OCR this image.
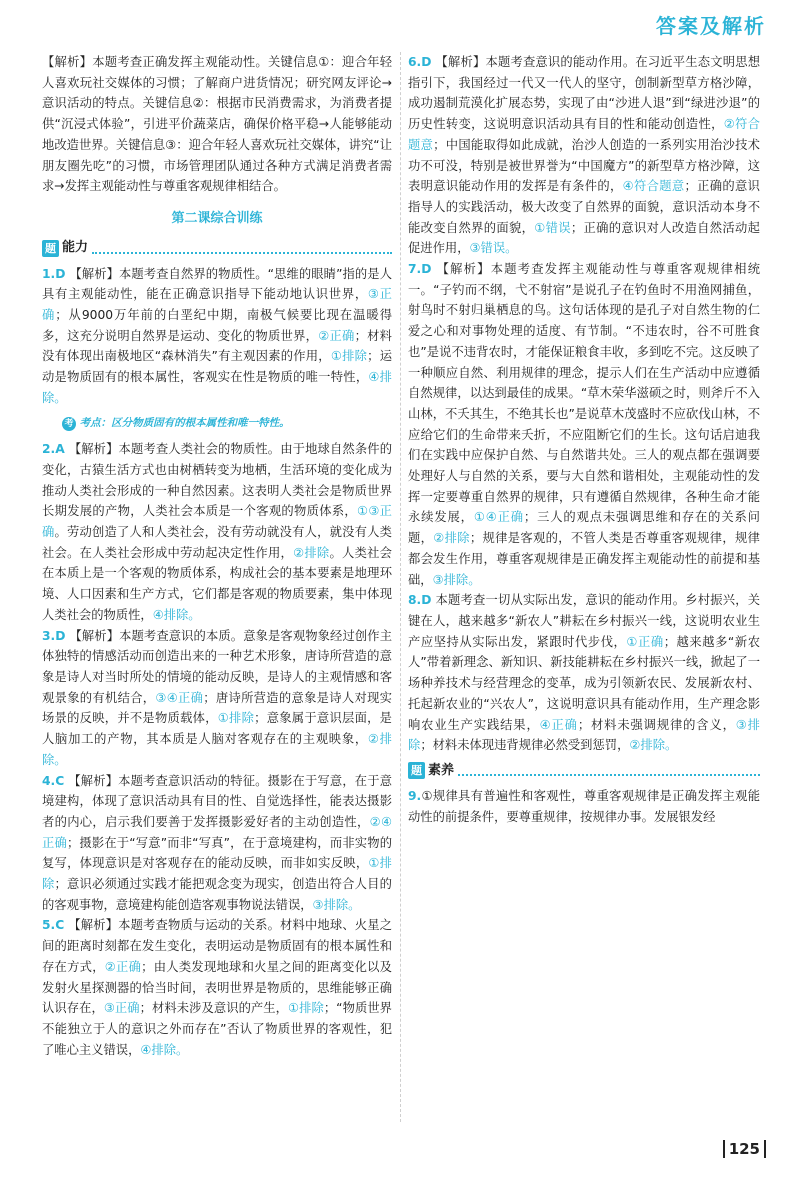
答案及解析

【解析】本题考查正确发挥主观能动性。关键信息①：迎合年轻人喜欢玩社交媒体的习惯；了解商户进货情况；研究网友评论→意识活动的特点。关键信息②：根据市民消费需求，为消费者提供“沉浸式体验”，引进平价蔬菜店，确保价格平稳→人能够能动地改造世界。关键信息③：迎合年轻人喜欢玩社交媒体，讲究“让朋友圈先吃”的习惯，市场管理团队通过各种方式满足消费者需求→发挥主观能动性与尊重客观规律相结合。

第二课综合训练
题 能力

1.D 【解析】本题考查自然界的物质性。“思维的眼睛”指的是人具有主观能动性，能在正确意识指导下能动地认识世界，③正确；从9000万年前的白垩纪中期，南极气候要比现在温暖得多，这充分说明自然界是运动、变化的物质世界，②正确；材料没有体现出南极地区“森林消失”有主观因素的作用，①排除；运动是物质固有的根本属性，客观实在性是物质的唯一特性，④排除。

考 考点：区分物质固有的根本属性和唯一特性。

2.A 【解析】本题考查人类社会的物质性。由于地球自然条件的变化，古猿生活方式也由树栖转变为地栖，生活环境的变化成为推动人类社会形成的一种自然因素。这表明人类社会是物质世界长期发展的产物，人类社会本质是一个客观的物质体系，①③正确。劳动创造了人和人类社会，没有劳动就没有人，就没有人类社会。在人类社会形成中劳动起决定性作用，②排除。人类社会在本质上是一个客观的物质体系，构成社会的基本要素是地理环境、人口因素和生产方式，它们都是客观的物质要素，集中体现人类社会的物质性，④排除。

3.D 【解析】本题考查意识的本质。意象是客观物象经过创作主体独特的情感活动而创造出来的一种艺术形象，唐诗所营造的意象是诗人对当时所处的情境的能动反映，是诗人的主观情感和客观景象的有机结合，③④正确；唐诗所营造的意象是诗人对现实场景的反映，并不是物质载体，①排除；意象属于意识层面，是人脑加工的产物，其本质是人脑对客观存在的主观映象，②排除。

4.C 【解析】本题考查意识活动的特征。摄影在于写意，在于意境建构，体现了意识活动具有目的性、自觉选择性，能表达摄影者的内心，启示我们要善于发挥摄影爱好者的主动创造性，②④正确；摄影在于“写意”而非“写真”，在于意境建构，而非实物的复写，体现意识是对客观存在的能动反映，而非如实反映，①排除；意识必须通过实践才能把观念变为现实，创造出符合人目的的客观事物，意境建构能创造客观事物说法错误，③排除。

5.C 【解析】本题考查物质与运动的关系。材料中地球、火星之间的距离时刻都在发生变化，表明运动是物质固有的根本属性和存在方式，②正确；由人类发现地球和火星之间的距离变化以及发射火星探测器的恰当时间，表明世界是物质的，思维能够正确认识存在，③正确；材料未涉及意识的产生，①排除；“物质世界不能独立于人的意识之外而存在”否认了物质世界的客观性，犯了唯心主义错误，④排除。

6.D 【解析】本题考查意识的能动作用。在习近平生态文明思想指引下，我国经过一代又一代人的坚守，创制新型草方格沙障，成功遏制荒漠化扩展态势，实现了由“沙进人退”到“绿进沙退”的历史性转变，这说明意识活动具有目的性和能动创造性，②符合题意；中国能取得如此成就，治沙人创造的一系列实用治沙技术功不可没，特别是被世界誉为“中国魔方”的新型草方格沙障，这表明意识能动作用的发挥是有条件的，④符合题意；正确的意识指导人的实践活动，极大改变了自然界的面貌，意识活动本身不能改变自然界的面貌，①错误；正确的意识对人改造自然活动起促进作用，③错误。

7.D 【解析】本题考查发挥主观能动性与尊重客观规律相统一。“子钓而不纲，弋不射宿”是说孔子在钓鱼时不用渔网捕鱼，射鸟时不射归巢栖息的鸟。这句话体现的是孔子对自然生物的仁爱之心和对事物处理的适度、有节制。“不违农时，谷不可胜食也”是说不违背农时，才能保证粮食丰收，多到吃不完。这反映了一种顺应自然、利用规律的理念，提示人们在生产活动中应遵循自然规律，以达到最佳的成果。“草木荣华滋硕之时，则斧斤不入山林，不夭其生，不绝其长也”是说草木茂盛时不应砍伐山林，不应给它们的生命带来夭折，不应阻断它们的生长。这句话启迪我们在实践中应保护自然、与自然谐共处。三人的观点都在强调要处理好人与自然的关系，要与大自然和谐相处，主观能动性的发挥一定要尊重自然界的规律，只有遵循自然规律，各种生命才能永续发展，①④正确；三人的观点未强调思维和存在的关系问题，②排除；规律是客观的，不管人类是否尊重客观规律，规律都会发生作用，尊重客观规律是正确发挥主观能动性的前提和基础，③排除。

8.D 本题考查一切从实际出发，意识的能动作用。乡村振兴，关键在人，越来越多“新农人”耕耘在乡村振兴一线，这说明农业生产应坚持从实际出发，紧跟时代步伐，①正确；越来越多“新农人”带着新理念、新知识、新技能耕耘在乡村振兴一线，掀起了一场种养技术与经营理念的变革，成为引领新农民、发展新农村、托起新农业的“兴农人”，这说明意识具有能动作用，生产理念影响农业生产实践结果，④正确；材料未强调规律的含义，③排除；材料未体现违背规律必然受到惩罚，②排除。

题 素养

9.①规律具有普遍性和客观性，尊重客观规律是正确发挥主观能动性的前提条件，要尊重规律，按规律办事。发展银发经

125
